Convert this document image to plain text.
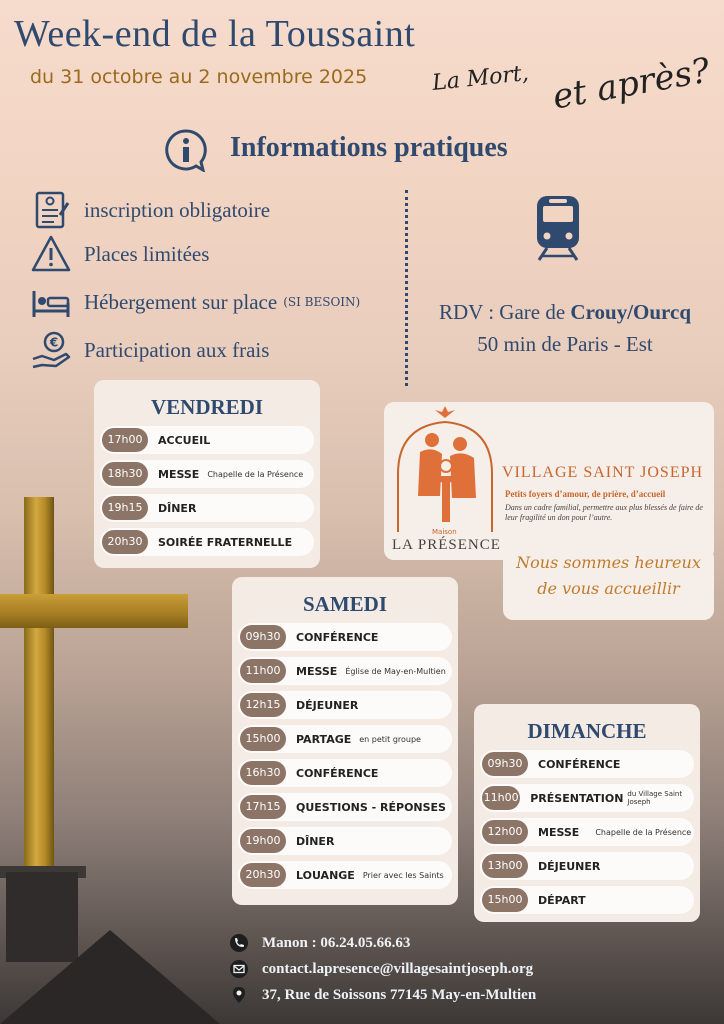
Week-end de la Toussaint
du 31 octobre au 2 novembre 2025	La Mort, et après?
Informations pratiques
inscription obligatoire
Places limitées
Hébergement sur place (SI BESOIN)
€ Participation aux frais
RDV : Gare de Crouy/Ourcq
50 min de Paris - Est
VENDREDI
17h00	ACCUEIL
18h30	MESSE Chapelle de la Présence
19h15	DÎNER
20h30	SOIRÉE FRATERNELLE
SAMEDI
09h30	CONFÉRENCE
11h00	MESSE Église de May-en-Multien
12h15	DÉJEUNER
15h00	PARTAGE en petit groupe
16h30	CONFÉRENCE
17h15	QUESTIONS - RÉPONSES
19h00	DÎNER
20h30	LOUANGE Prier avec les Saints
DIMANCHE
09h30	CONFÉRENCE
11h00 PRÉSENTATION du Village Saint Joseph
12h00	MESSE Chapelle de la Présence
13h00	DÉJEUNER
15h00	DÉPART
VILLAGE SAINT JOSEPH
Petits foyers d’amour, de prière, d’accueil
Dans un cadre familial, permettre aux plus blessés de faire de leur fragilité un don pour l’autre.
Maison
LA PRÉSENCE
Nous sommes heureux
de vous accueillir
Manon : 06.24.05.66.63
contact.lapresence@villagesaintjoseph.org
37, Rue de Soissons 77145 May-en-Multien
